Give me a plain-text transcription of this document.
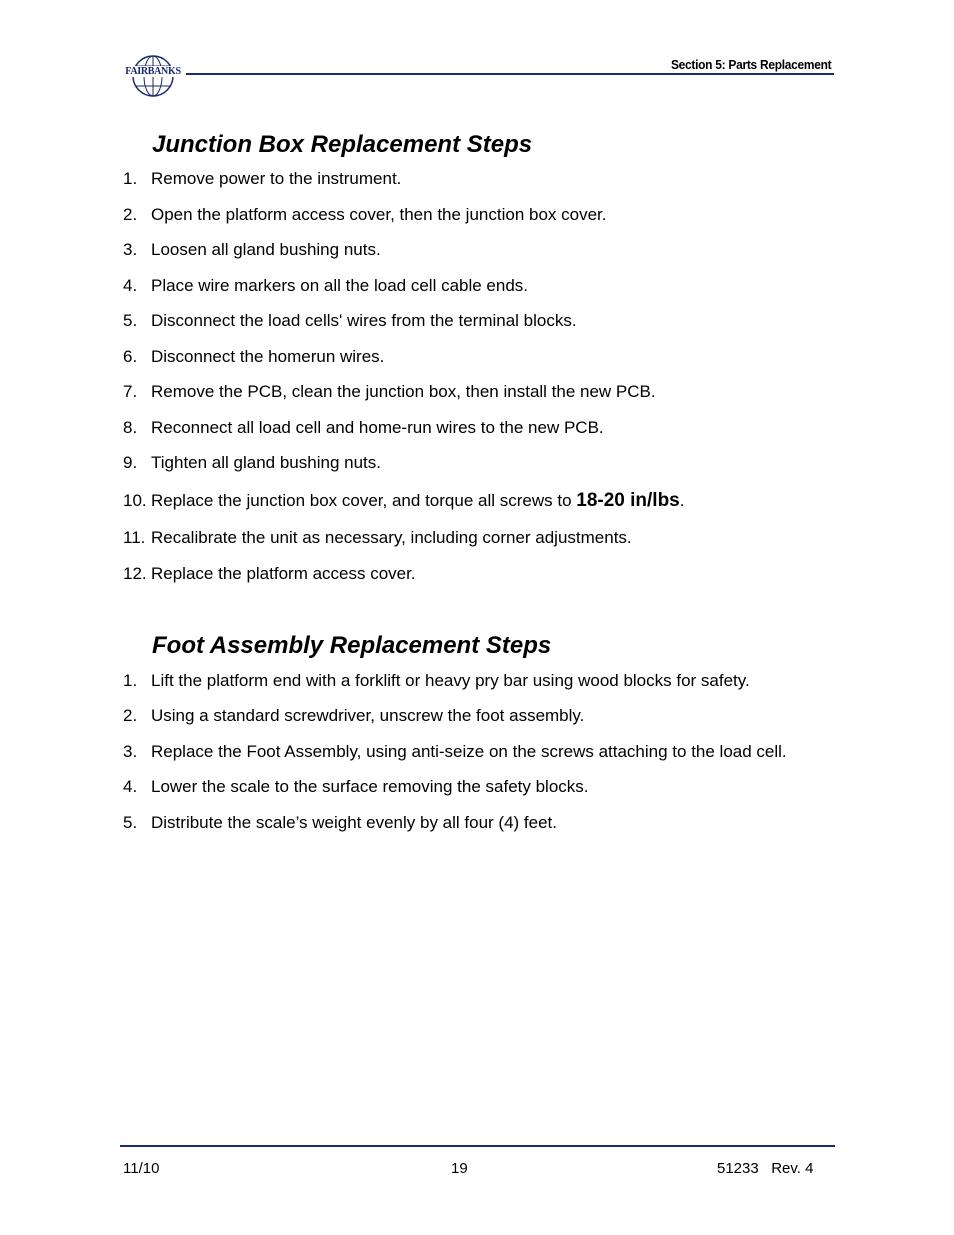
FAIRBANKS	Section 5: Parts Replacement
Junction Box Replacement Steps
1. Remove power to the instrument.
2. Open the platform access cover, then the junction box cover.
3. Loosen all gland bushing nuts.
4. Place wire markers on all the load cell cable ends.
5. Disconnect the load cells' wires from the terminal blocks.
6. Disconnect the homerun wires.
7. Remove the PCB, clean the junction box, then install the new PCB.
8. Reconnect all load cell and home-run wires to the new PCB.
9. Tighten all gland bushing nuts.
10. Replace the junction box cover, and torque all screws to 18-20 in/lbs.
11. Recalibrate the unit as necessary, including corner adjustments.
12. Replace the platform access cover.
Foot Assembly Replacement Steps
1. Lift the platform end with a forklift or heavy pry bar using wood blocks for safety.
2. Using a standard screwdriver, unscrew the foot assembly.
3. Replace the Foot Assembly, using anti-seize on the screws attaching to the load cell.
4. Lower the scale to the surface removing the safety blocks.
5. Distribute the scale’s weight evenly by all four (4) feet.
11/10	19	51233   Rev. 4
